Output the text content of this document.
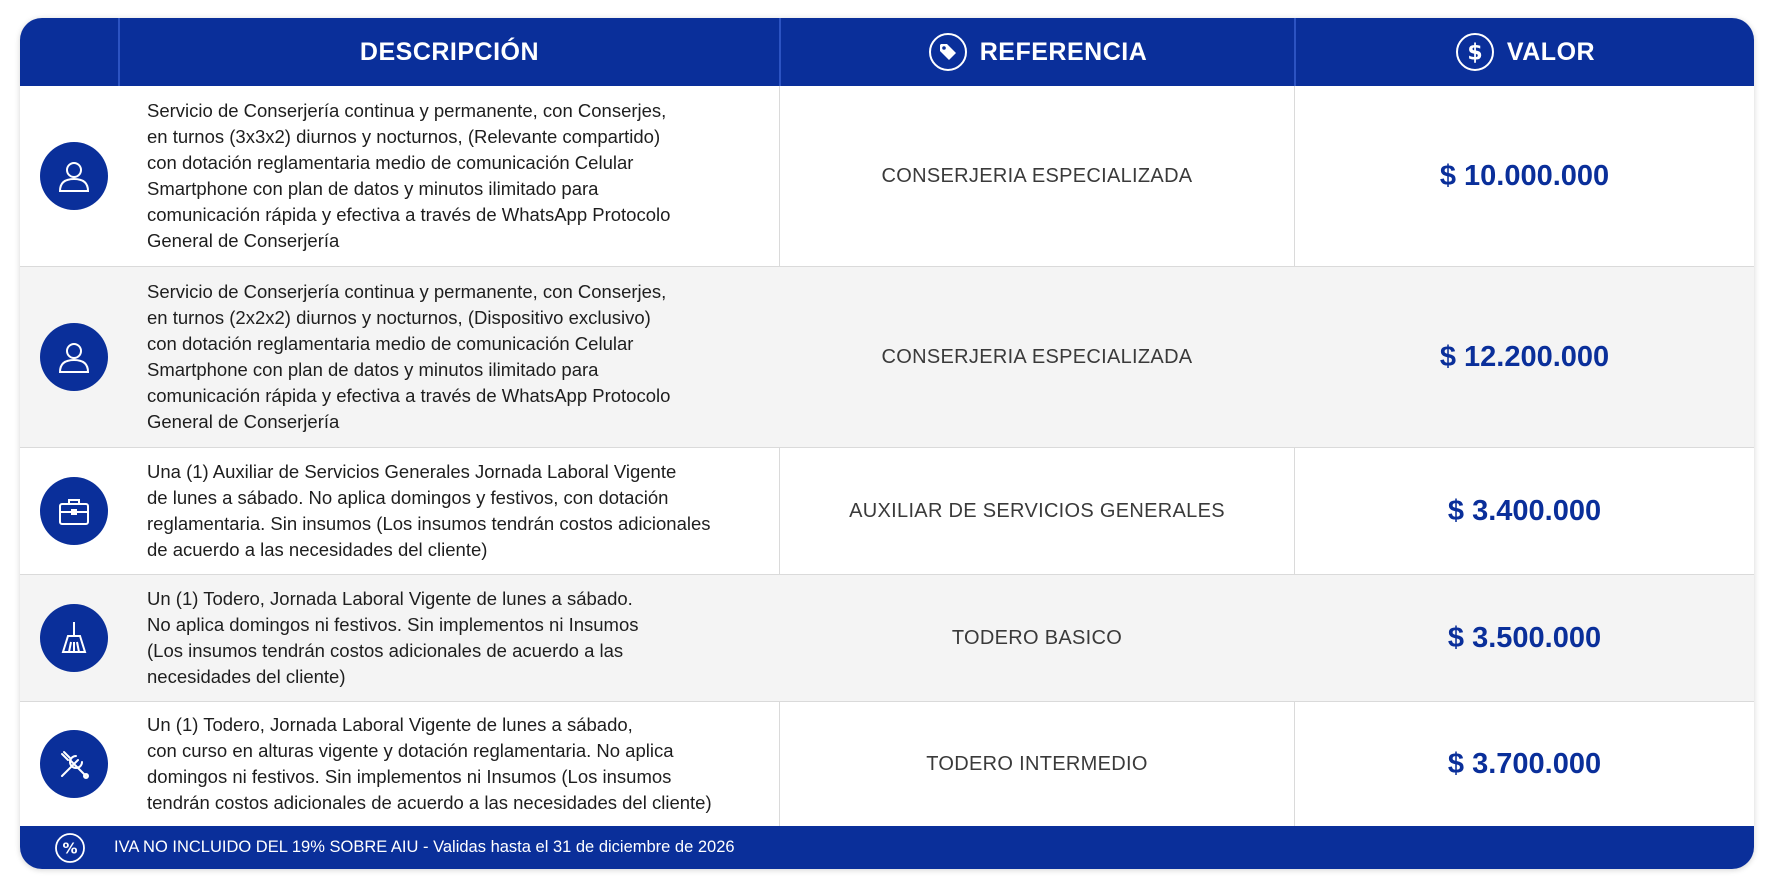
DESCRIPCIÓN	REFERENCIA	$ VALOR
Servicio de Conserjería continua y permanente, con Conserjes,
en turnos (3x3x2) diurnos y nocturnos, (Relevante compartido)
con dotación reglamentaria medio de comunicación Celular
Smartphone con plan de datos y minutos ilimitado para
comunicación rápida y efectiva a través de WhatsApp Protocolo
General de Conserjería
CONSERJERIA ESPECIALIZADA	$ 10.000.000
Servicio de Conserjería continua y permanente, con Conserjes,
en turnos (2x2x2) diurnos y nocturnos, (Dispositivo exclusivo)
con dotación reglamentaria medio de comunicación Celular
Smartphone con plan de datos y minutos ilimitado para
comunicación rápida y efectiva a través de WhatsApp Protocolo
General de Conserjería
CONSERJERIA ESPECIALIZADA	$ 12.200.000
Una (1) Auxiliar de Servicios Generales Jornada Laboral Vigente
de lunes a sábado. No aplica domingos y festivos, con dotación
reglamentaria. Sin insumos (Los insumos tendrán costos adicionales
de acuerdo a las necesidades del cliente)
AUXILIAR DE SERVICIOS GENERALES	$ 3.400.000
Un (1) Todero, Jornada Laboral Vigente de lunes a sábado.
No aplica domingos ni festivos. Sin implementos ni Insumos
(Los insumos tendrán costos adicionales de acuerdo a las
necesidades del cliente)
TODERO BASICO	$ 3.500.000
Un (1) Todero, Jornada Laboral Vigente de lunes a sábado,
con curso en alturas vigente y dotación reglamentaria. No aplica
domingos ni festivos. Sin implementos ni Insumos (Los insumos
tendrán costos adicionales de acuerdo a las necesidades del cliente)
TODERO INTERMEDIO	$ 3.700.000
% IVA NO INCLUIDO DEL 19% SOBRE AIU - Validas hasta el 31 de diciembre de 2026
